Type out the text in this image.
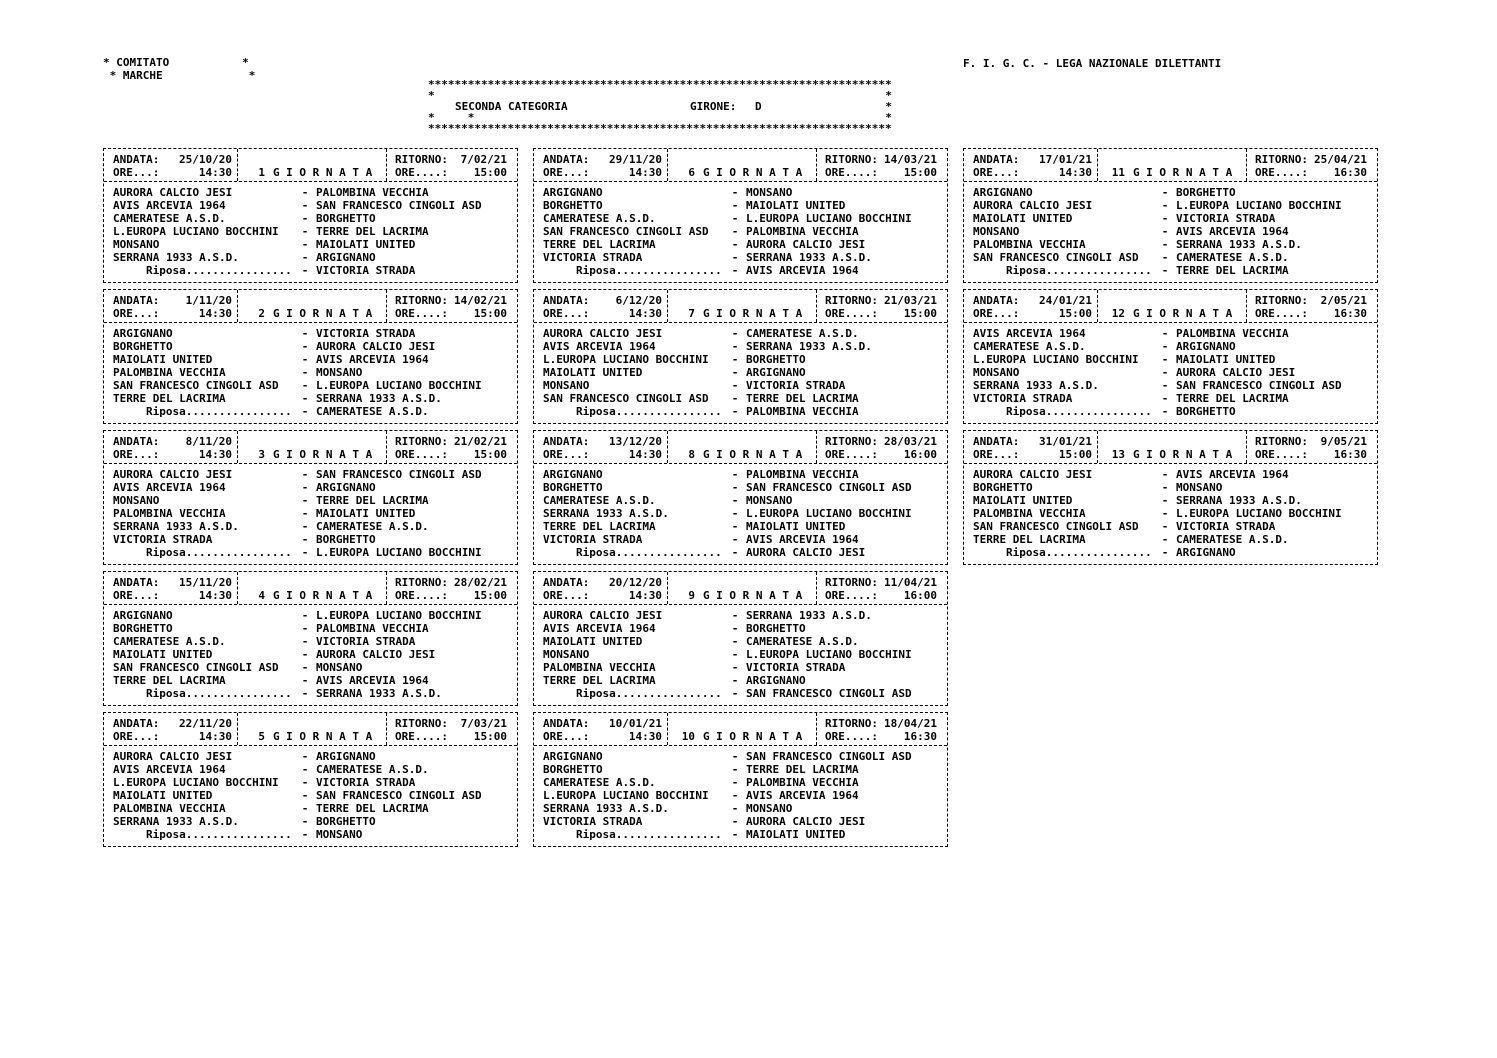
* COMITATO           *
* MARCHE             *
F. I. G. C. - LEGA NAZIONALE DILETTANTI
**********************************************************************
*	*

*

SECONDA CATEGORIA

	GIRONE:

D

	*

*	*
**********************************************************************
ANDATA: 25/10/20
ORE...:	14:30	1 G I O R N A T A
RITORNO:	7/02/21
ORE....:	15:00
AURORA CALCIO JESI	- PALOMBINA VECCHIA
AVIS ARCEVIA 1964	- SAN FRANCESCO CINGOLI ASD
CAMERATESE A.S.D.	- BORGHETTO
L.EUROPA LUCIANO BOCCHINI	- TERRE DEL LACRIMA
MONSANO	- MAIOLATI UNITED
SERRANA 1933 A.S.D.	- ARGIGNANO
Riposa................ - VICTORIA STRADA
ANDATA:	1/11/20
ORE...:	14:30	2 G I O R N A T A
RITORNO: 14/02/21
ORE....:	15:00
ARGIGNANO	- VICTORIA STRADA
BORGHETTO	- AURORA CALCIO JESI
MAIOLATI UNITED	- AVIS ARCEVIA 1964
PALOMBINA VECCHIA	- MONSANO
SAN FRANCESCO CINGOLI ASD	- L.EUROPA LUCIANO BOCCHINI
TERRE DEL LACRIMA	- SERRANA 1933 A.S.D.
Riposa................ - CAMERATESE A.S.D.
ANDATA:	8/11/20
ORE...:	14:30	3 G I O R N A T A
RITORNO: 21/02/21
ORE....:	15:00
AURORA CALCIO JESI	- SAN FRANCESCO CINGOLI ASD
AVIS ARCEVIA 1964	- ARGIGNANO
MONSANO	- TERRE DEL LACRIMA
PALOMBINA VECCHIA	- MAIOLATI UNITED
SERRANA 1933 A.S.D.	- CAMERATESE A.S.D.
VICTORIA STRADA	- BORGHETTO
Riposa................ - L.EUROPA LUCIANO BOCCHINI
ANDATA: 15/11/20
ORE...:	14:30	4 G I O R N A T A
RITORNO: 28/02/21
ORE....:	15:00
ARGIGNANO	- L.EUROPA LUCIANO BOCCHINI
BORGHETTO	- PALOMBINA VECCHIA
CAMERATESE A.S.D.	- VICTORIA STRADA
MAIOLATI UNITED	- AURORA CALCIO JESI
SAN FRANCESCO CINGOLI ASD	- MONSANO
TERRE DEL LACRIMA	- AVIS ARCEVIA 1964
Riposa................ - SERRANA 1933 A.S.D.
ANDATA: 22/11/20
ORE...:	14:30	5 G I O R N A T A
RITORNO:	7/03/21
ORE....:	15:00
AURORA CALCIO JESI	- ARGIGNANO
AVIS ARCEVIA 1964	- CAMERATESE A.S.D.
L.EUROPA LUCIANO BOCCHINI	- VICTORIA STRADA
MAIOLATI UNITED	- SAN FRANCESCO CINGOLI ASD
PALOMBINA VECCHIA	- TERRE DEL LACRIMA
SERRANA 1933 A.S.D.	- BORGHETTO
Riposa................ - MONSANO
ANDATA: 29/11/20
ORE...:	14:30	6 G I O R N A T A
RITORNO: 14/03/21
ORE....:	15:00
ARGIGNANO	- MONSANO
BORGHETTO	- MAIOLATI UNITED
CAMERATESE A.S.D.	- L.EUROPA LUCIANO BOCCHINI
SAN FRANCESCO CINGOLI ASD	- PALOMBINA VECCHIA
TERRE DEL LACRIMA	- AURORA CALCIO JESI
VICTORIA STRADA	- SERRANA 1933 A.S.D.
Riposa................ - AVIS ARCEVIA 1964
ANDATA:	6/12/20
ORE...:	14:30	7 G I O R N A T A
RITORNO: 21/03/21
ORE....:	15:00
AURORA CALCIO JESI	- CAMERATESE A.S.D.
AVIS ARCEVIA 1964	- SERRANA 1933 A.S.D.
L.EUROPA LUCIANO BOCCHINI	- BORGHETTO
MAIOLATI UNITED	- ARGIGNANO
MONSANO	- VICTORIA STRADA
SAN FRANCESCO CINGOLI ASD	- TERRE DEL LACRIMA
Riposa................ - PALOMBINA VECCHIA
ANDATA: 13/12/20
ORE...:	14:30	8 G I O R N A T A
RITORNO: 28/03/21
ORE....:	16:00
ARGIGNANO	- PALOMBINA VECCHIA
BORGHETTO	- SAN FRANCESCO CINGOLI ASD
CAMERATESE A.S.D.	- MONSANO
SERRANA 1933 A.S.D.	- L.EUROPA LUCIANO BOCCHINI
TERRE DEL LACRIMA	- MAIOLATI UNITED
VICTORIA STRADA	- AVIS ARCEVIA 1964
Riposa................ - AURORA CALCIO JESI
ANDATA: 20/12/20
ORE...:	14:30	9 G I O R N A T A
RITORNO: 11/04/21
ORE....:	16:00
AURORA CALCIO JESI	- SERRANA 1933 A.S.D.
AVIS ARCEVIA 1964	- BORGHETTO
MAIOLATI UNITED	- CAMERATESE A.S.D.
MONSANO	- L.EUROPA LUCIANO BOCCHINI
PALOMBINA VECCHIA	- VICTORIA STRADA
TERRE DEL LACRIMA	- ARGIGNANO
Riposa................ - SAN FRANCESCO CINGOLI ASD
ANDATA: 10/01/21
ORE...:	14:30 10 G I O R N A T A
RITORNO: 18/04/21
ORE....:	16:30
ARGIGNANO	- SAN FRANCESCO CINGOLI ASD
BORGHETTO	- TERRE DEL LACRIMA
CAMERATESE A.S.D.	- PALOMBINA VECCHIA
L.EUROPA LUCIANO BOCCHINI	- AVIS ARCEVIA 1964
SERRANA 1933 A.S.D.	- MONSANO
VICTORIA STRADA	- AURORA CALCIO JESI
Riposa................ - MAIOLATI UNITED
ANDATA: 17/01/21
ORE...:	14:30 11 G I O R N A T A
RITORNO: 25/04/21
ORE....:	16:30
ARGIGNANO	- BORGHETTO
AURORA CALCIO JESI	- L.EUROPA LUCIANO BOCCHINI
MAIOLATI UNITED	- VICTORIA STRADA
MONSANO	- AVIS ARCEVIA 1964
PALOMBINA VECCHIA	- SERRANA 1933 A.S.D.
SAN FRANCESCO CINGOLI ASD	- CAMERATESE A.S.D.
Riposa................ - TERRE DEL LACRIMA
ANDATA: 24/01/21
ORE...:	15:00 12 G I O R N A T A
RITORNO:	2/05/21
ORE....:	16:30
AVIS ARCEVIA 1964	- PALOMBINA VECCHIA
CAMERATESE A.S.D.	- ARGIGNANO
L.EUROPA LUCIANO BOCCHINI	- MAIOLATI UNITED
MONSANO	- AURORA CALCIO JESI
SERRANA 1933 A.S.D.	- SAN FRANCESCO CINGOLI ASD
VICTORIA STRADA	- TERRE DEL LACRIMA
Riposa................ - BORGHETTO
ANDATA: 31/01/21
ORE...:	15:00 13 G I O R N A T A
RITORNO:	9/05/21
ORE....:	16:30
AURORA CALCIO JESI	- AVIS ARCEVIA 1964
BORGHETTO	- MONSANO
MAIOLATI UNITED	- SERRANA 1933 A.S.D.
PALOMBINA VECCHIA	- L.EUROPA LUCIANO BOCCHINI
SAN FRANCESCO CINGOLI ASD	- VICTORIA STRADA
TERRE DEL LACRIMA	- CAMERATESE A.S.D.
Riposa................ - ARGIGNANO
